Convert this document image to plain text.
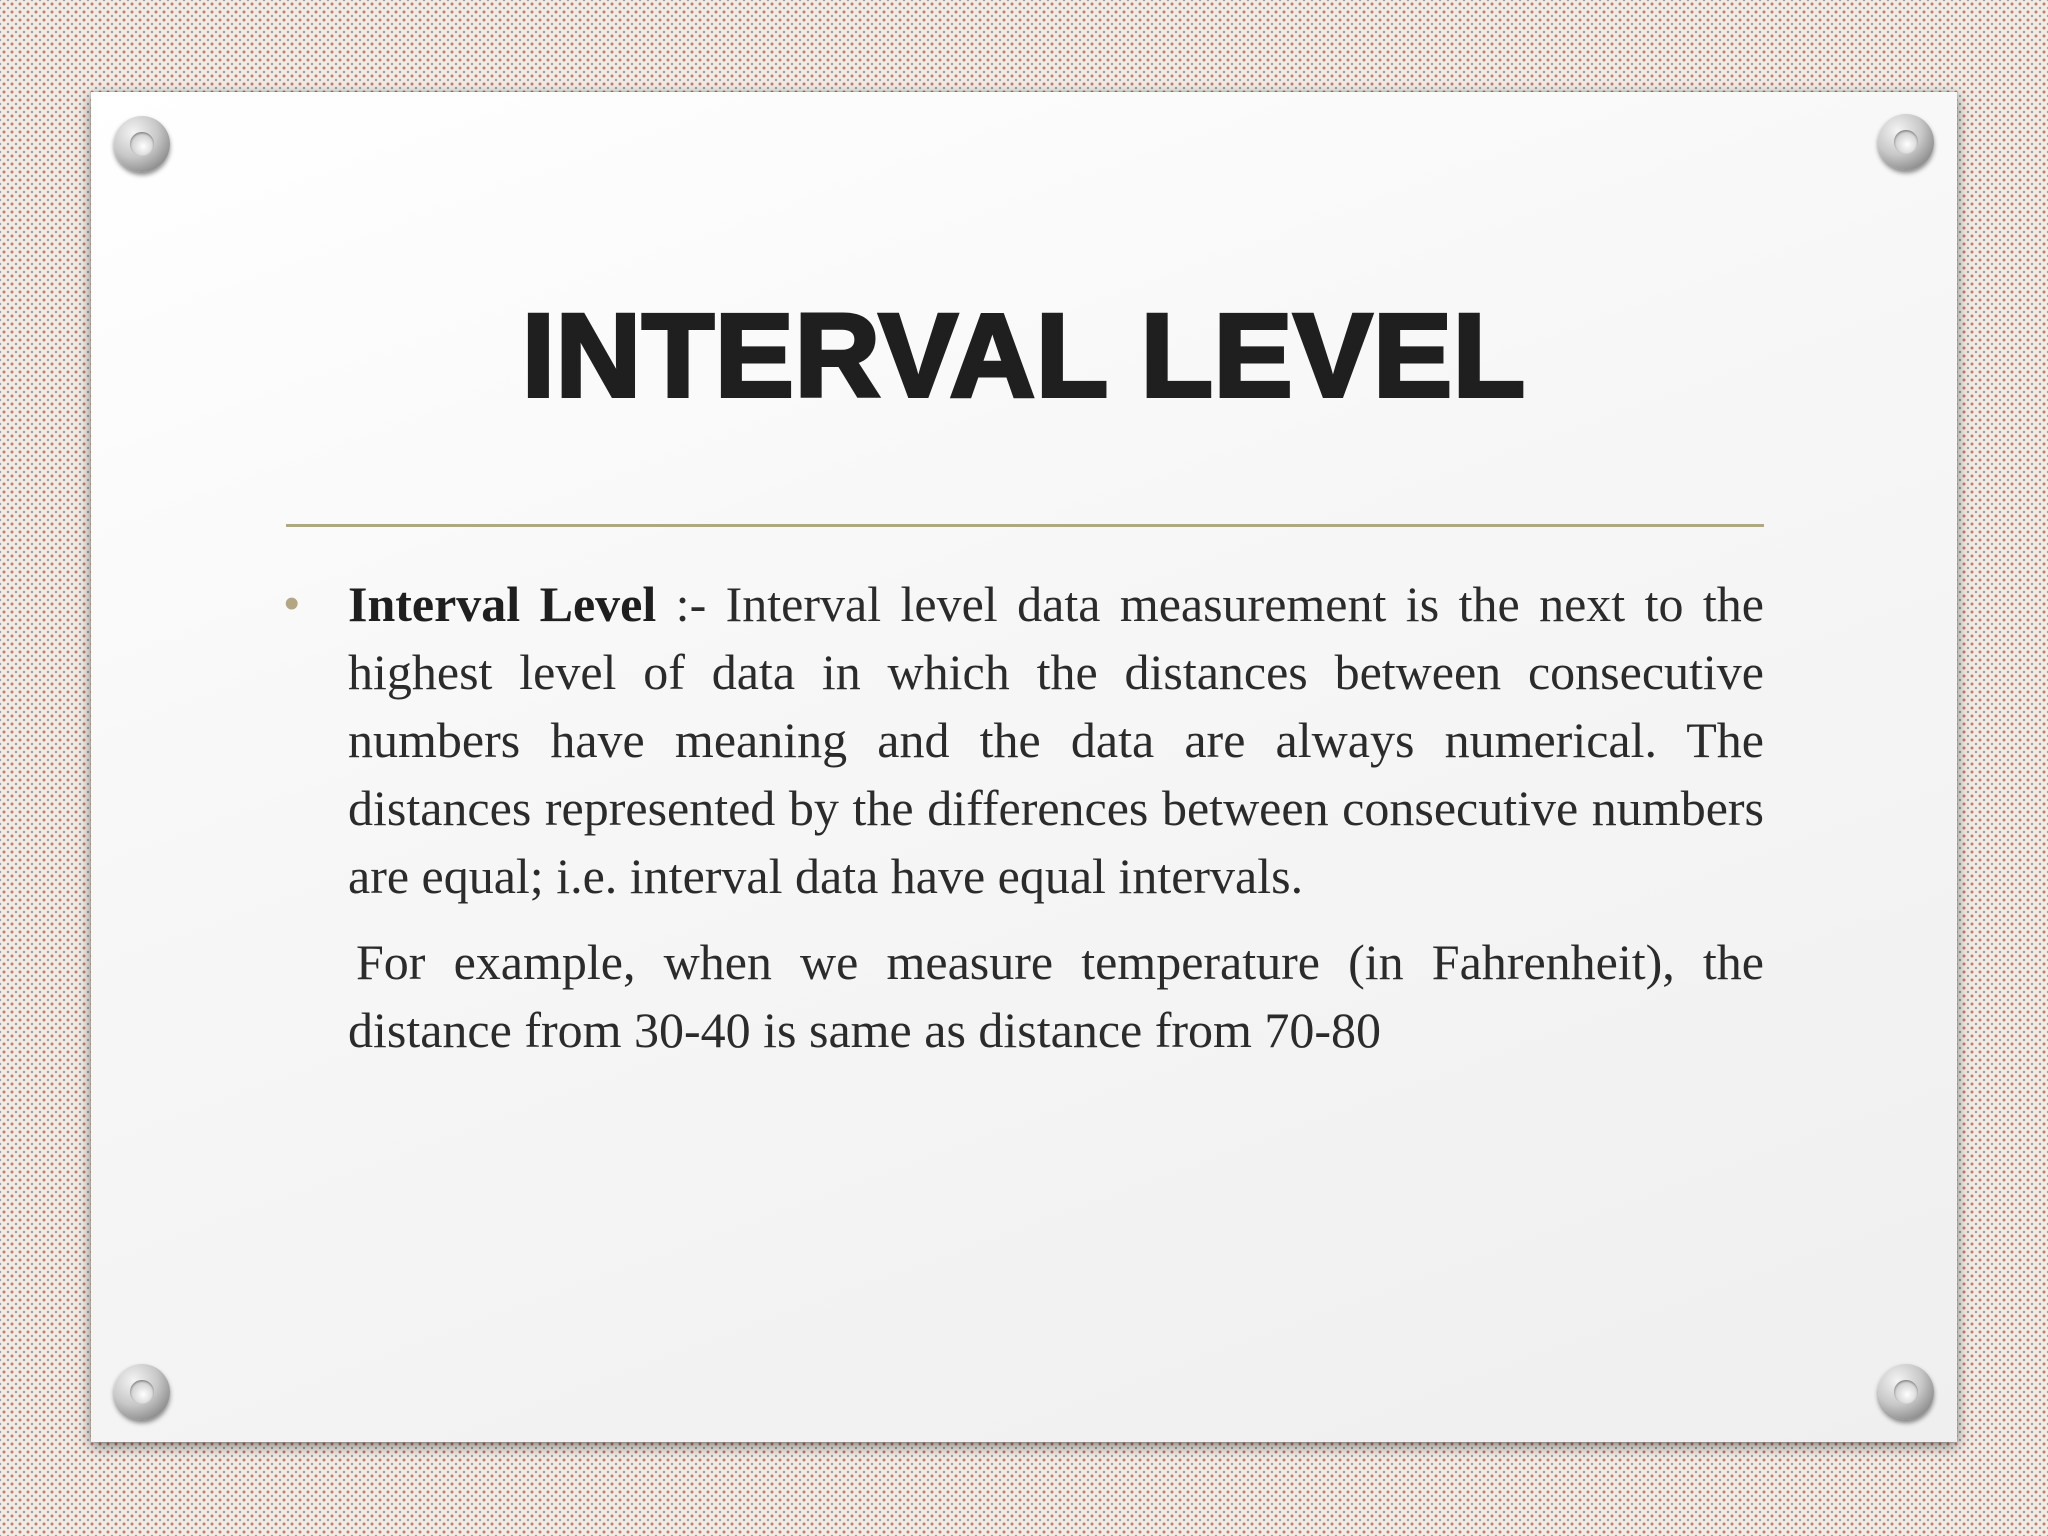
INTERVAL LEVEL

• Interval Level :- Interval level data measurement is the next to the highest level of data in which the distances between consecutive numbers have meaning and the data are always numerical. The distances represented by the differences between consecutive numbers are equal; i.e. interval data have equal intervals.

For example, when we measure temperature (in Fahrenheit), the distance from 30-40 is same as distance from 70-80
